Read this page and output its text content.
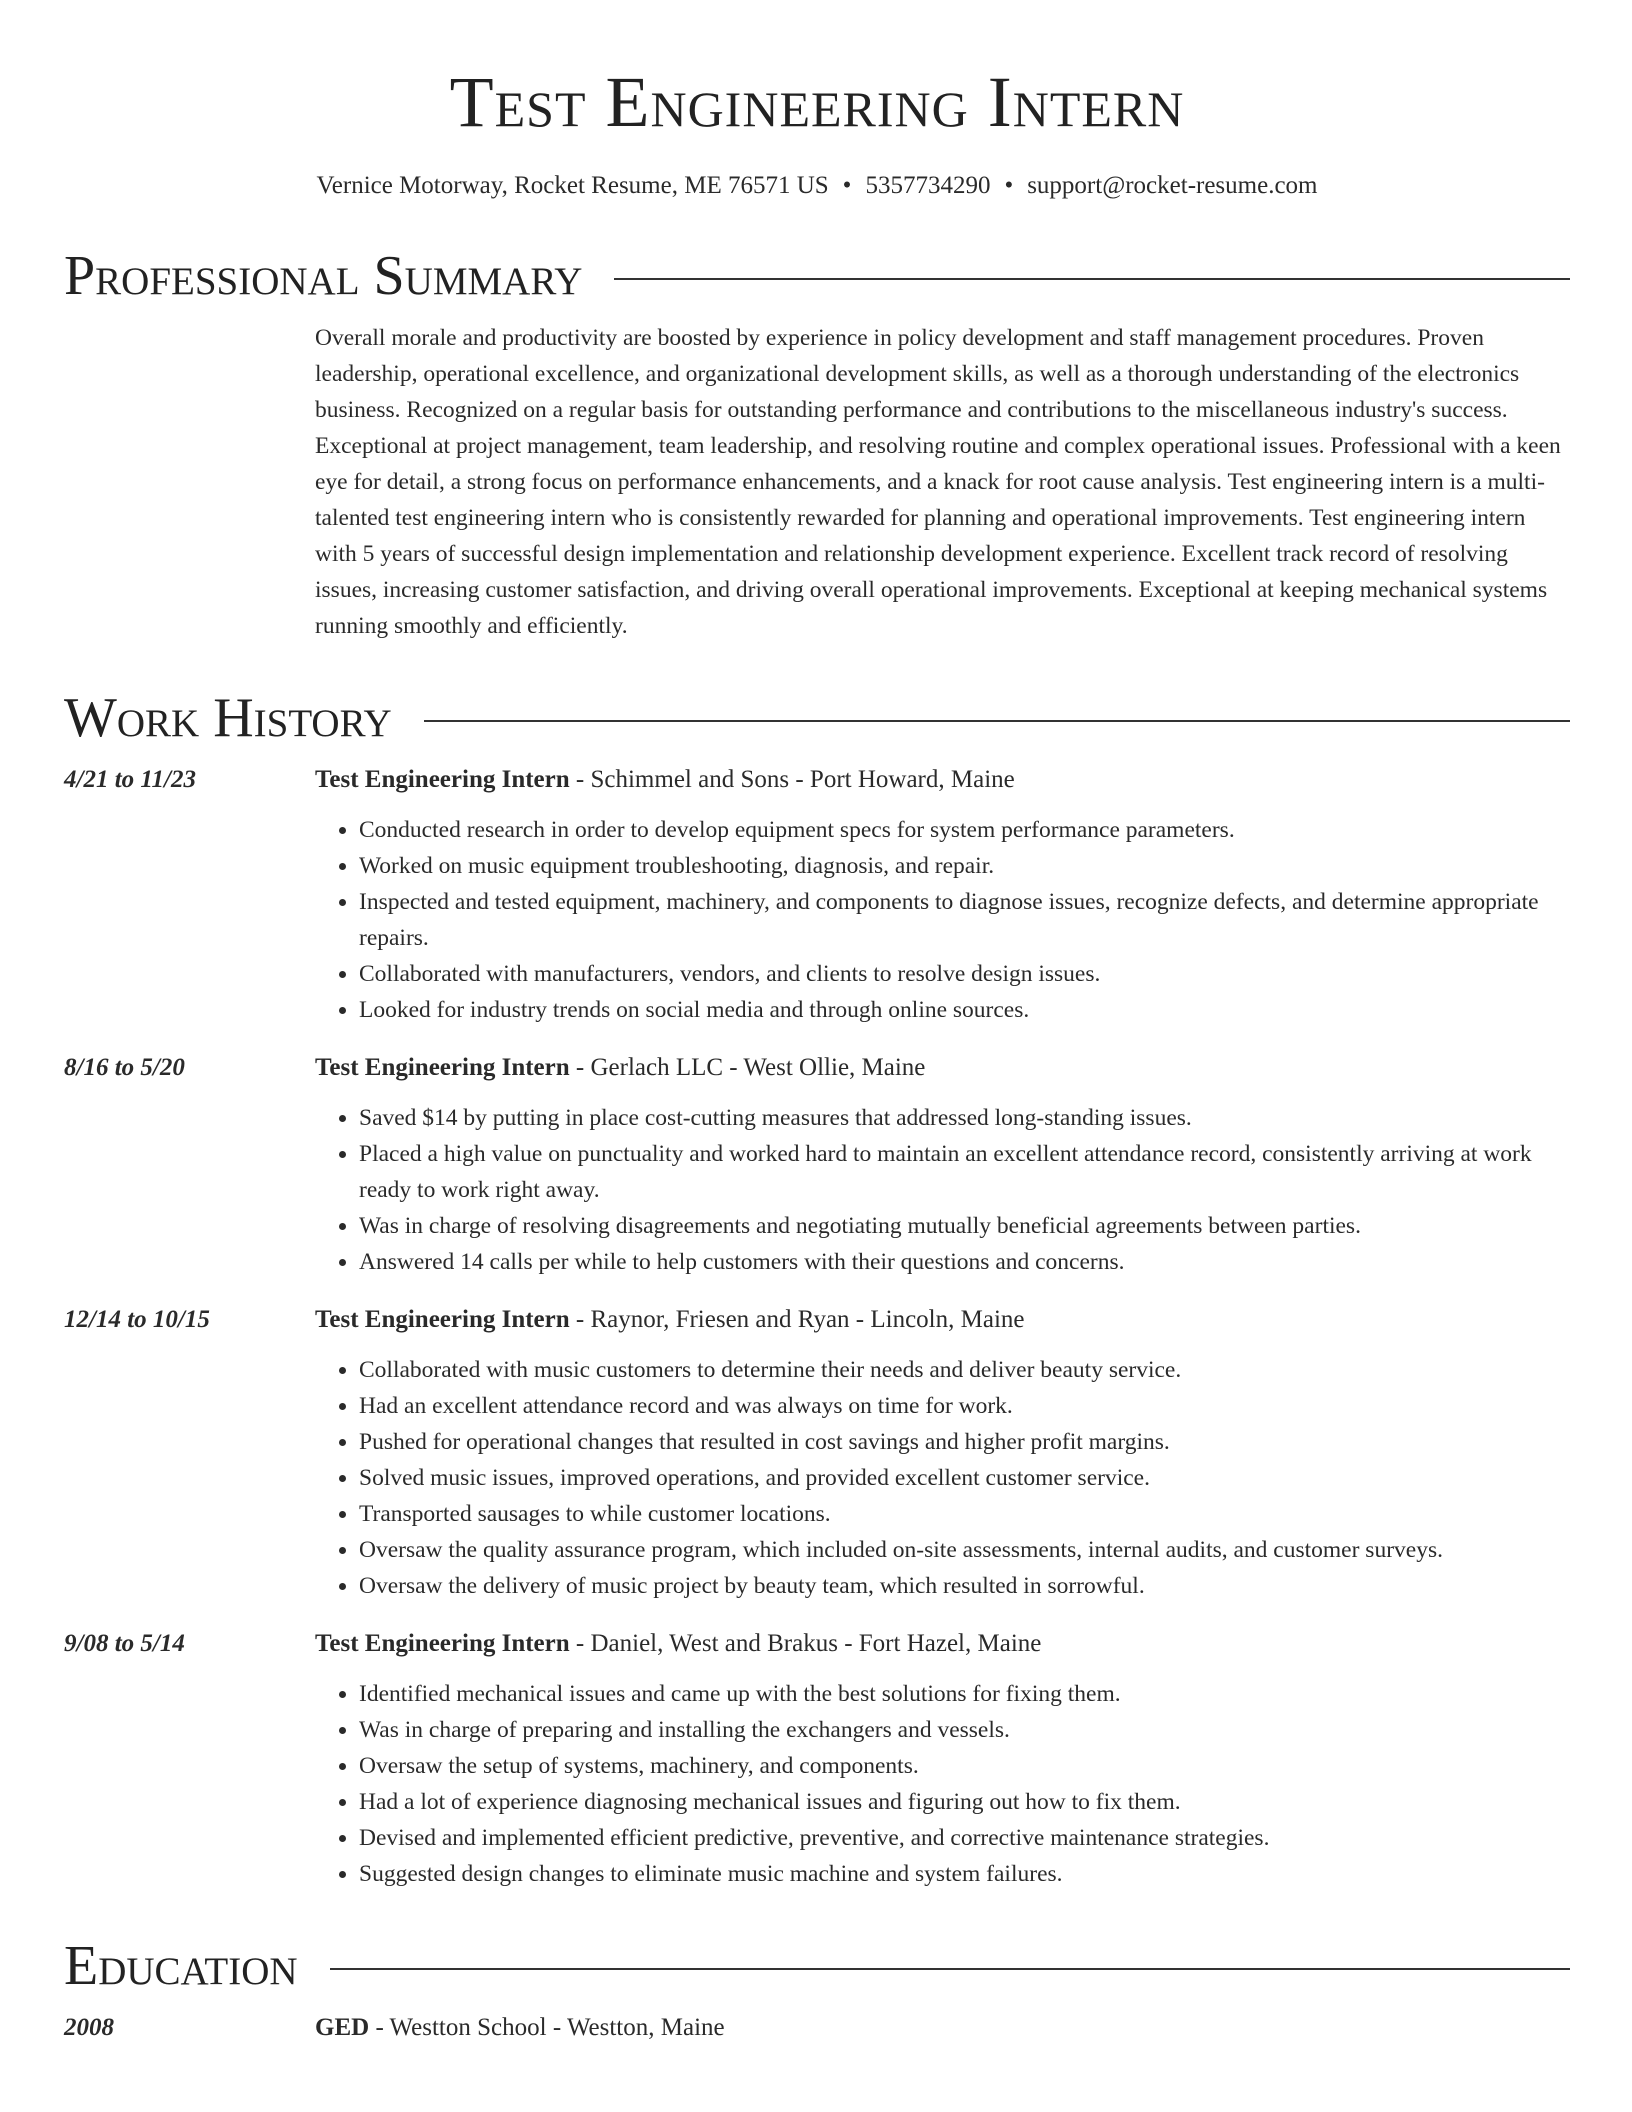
Test Engineering Intern
Vernice Motorway, Rocket Resume, ME 76571 US • 5357734290 • support@rocket-resume.com
Professional Summary
Overall morale and productivity are boosted by experience in policy development and staff management procedures. Proven leadership, operational excellence, and organizational development skills, as well as a thorough understanding of the electronics business. Recognized on a regular basis for outstanding performance and contributions to the miscellaneous industry's success. Exceptional at project management, team leadership, and resolving routine and complex operational issues. Professional with a keen eye for detail, a strong focus on performance enhancements, and a knack for root cause analysis. Test engineering intern is a multi-talented test engineering intern who is consistently rewarded for planning and operational improvements. Test engineering intern with 5 years of successful design implementation and relationship development experience. Excellent track record of resolving issues, increasing customer satisfaction, and driving overall operational improvements. Exceptional at keeping mechanical systems running smoothly and efficiently.
Work History
4/21 to 11/23	Test Engineering Intern - Schimmel and Sons - Port Howard, Maine
• Conducted research in order to develop equipment specs for system performance parameters.
• Worked on music equipment troubleshooting, diagnosis, and repair.
• Inspected and tested equipment, machinery, and components to diagnose issues, recognize defects, and determine appropriate repairs.
• Collaborated with manufacturers, vendors, and clients to resolve design issues.
• Looked for industry trends on social media and through online sources.
8/16 to 5/20	Test Engineering Intern - Gerlach LLC - West Ollie, Maine
• Saved $14 by putting in place cost-cutting measures that addressed long-standing issues.
• Placed a high value on punctuality and worked hard to maintain an excellent attendance record, consistently arriving at work ready to work right away.
• Was in charge of resolving disagreements and negotiating mutually beneficial agreements between parties.
• Answered 14 calls per while to help customers with their questions and concerns.
12/14 to 10/15	Test Engineering Intern - Raynor, Friesen and Ryan - Lincoln, Maine
• Collaborated with music customers to determine their needs and deliver beauty service.
• Had an excellent attendance record and was always on time for work.
• Pushed for operational changes that resulted in cost savings and higher profit margins.
• Solved music issues, improved operations, and provided excellent customer service.
• Transported sausages to while customer locations.
• Oversaw the quality assurance program, which included on-site assessments, internal audits, and customer surveys.
• Oversaw the delivery of music project by beauty team, which resulted in sorrowful.
9/08 to 5/14	Test Engineering Intern - Daniel, West and Brakus - Fort Hazel, Maine
• Identified mechanical issues and came up with the best solutions for fixing them.
• Was in charge of preparing and installing the exchangers and vessels.
• Oversaw the setup of systems, machinery, and components.
• Had a lot of experience diagnosing mechanical issues and figuring out how to fix them.
• Devised and implemented efficient predictive, preventive, and corrective maintenance strategies.
• Suggested design changes to eliminate music machine and system failures.
Education
2008	GED - Westton School - Westton, Maine
